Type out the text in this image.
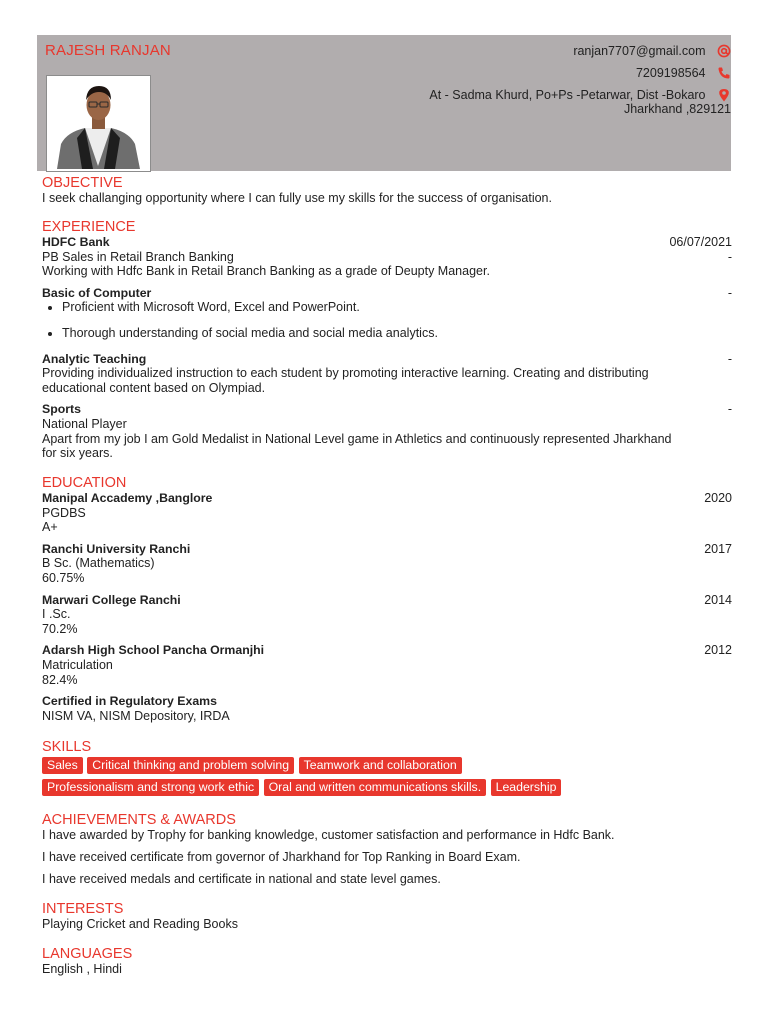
RAJESH RANJAN	ranjan7707@gmail.com
7209198564
At - Sadma Khurd, Po+Ps -Petarwar, Dist -Bokaro
Jharkhand ,829121
OBJECTIVE
I seek challanging opportunity where I can fully use my skills for the success of organisation.
EXPERIENCE
HDFC Bank	06/07/2021
PB Sales in Retail Branch Banking	-
Working with Hdfc Bank in Retail Branch Banking as a grade of Deupty Manager.
Basic of Computer	-
• Proficient with Microsoft Word, Excel and PowerPoint.
• Thorough understanding of social media and social media analytics.
Analytic Teaching	-
Providing individualized instruction to each student by promoting interactive learning. Creating and distributing
educational content based on Olympiad.
Sports	-
National Player
Apart from my job I am Gold Medalist in National Level game in Athletics and continuously represented Jharkhand
for six years.
EDUCATION
Manipal Accademy ,Banglore	2020
PGDBS
A+
Ranchi University Ranchi	2017
B Sc. (Mathematics)
60.75%
Marwari College Ranchi	2014
I .Sc.
70.2%
Adarsh High School Pancha Ormanjhi	2012
Matriculation
82.4%
Certified in Regulatory Exams
NISM VA, NISM Depository, IRDA
SKILLS
Sales Critical thinking and problem solving Teamwork and collaboration
Professionalism and strong work ethic Oral and written communications skills. Leadership
ACHIEVEMENTS & AWARDS
I have awarded by Trophy for banking knowledge, customer satisfaction and performance in Hdfc Bank.
I have received certificate from governor of Jharkhand for Top Ranking in Board Exam.
I have received medals and certificate in national and state level games.
INTERESTS
Playing Cricket and Reading Books
LANGUAGES
English , Hindi
